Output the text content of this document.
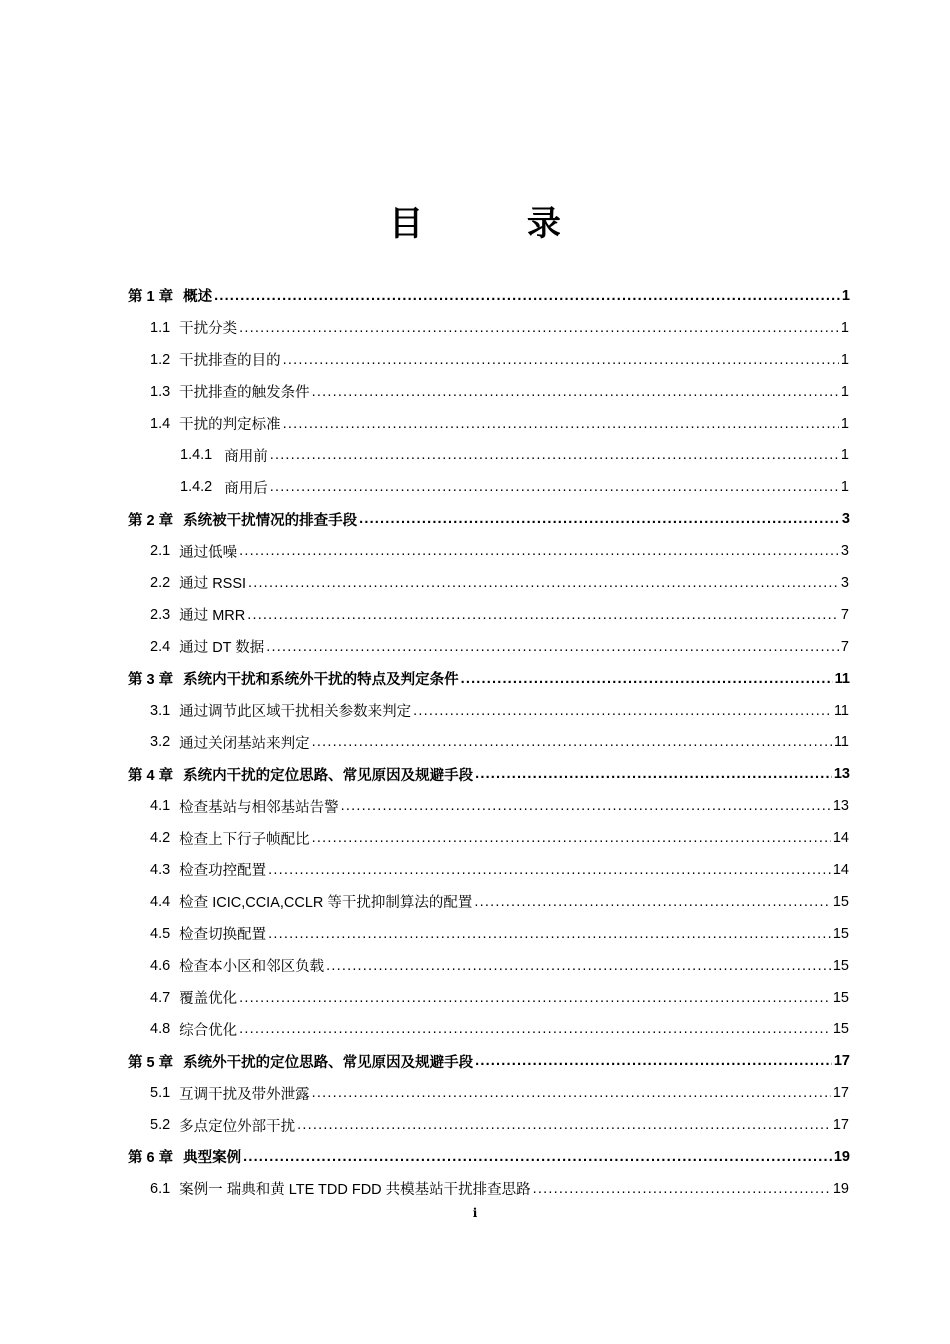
目 录
第 1 章 概述 .....	1
1.1 干扰分类 .....	1
1.2 干扰排查的目的 .....	1
1.3 干扰排查的触发条件 .....	1
1.4 干扰的判定标准 .....	1
1.4.1 商用前 .....	1
1.4.2 商用后 .....	1
第 2 章 系统被干扰情况的排查手段 .....	3
2.1 通过低噪 .....	3
2.2 通过 RSSI .....	3
2.3 通过 MRR .....	7
2.4 通过 DT 数据 .....	7
第 3 章 系统内干扰和系统外干扰的特点及判定条件 .....	11
3.1 通过调节此区域干扰相关参数来判定 .....	11
3.2 通过关闭基站来判定 .....	11
第 4 章 系统内干扰的定位思路、常见原因及规避手段 .....	13
4.1 检查基站与相邻基站告警 .....	13
4.2 检查上下行子帧配比 .....	14
4.3 检查功控配置 .....	14
4.4 检查 ICIC,CCIA,CCLR 等干扰抑制算法的配置 .....	15
4.5 检查切换配置 .....	15
4.6 检查本小区和邻区负载 .....	15
4.7 覆盖优化 .....	15
4.8 综合优化 .....	15
第 5 章 系统外干扰的定位思路、常见原因及规避手段 .....	17
5.1 互调干扰及带外泄露 .....	17
5.2 多点定位外部干扰 .....	17
第 6 章 典型案例 .....	19
6.1 案例一 瑞典和黄 LTE TDD FDD 共模基站干扰排查思路 .....	19
i
